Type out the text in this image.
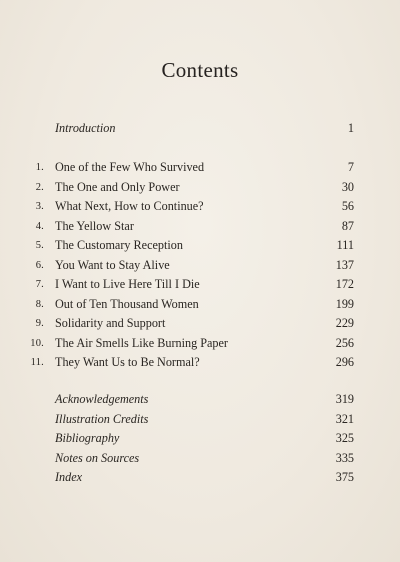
Contents
Introduction	1
1. One of the Few Who Survived	7
2. The One and Only Power	30
3. What Next, How to Continue?	56
4. The Yellow Star	87
5. The Customary Reception	111
6. You Want to Stay Alive	137
7. I Want to Live Here Till I Die	172
8. Out of Ten Thousand Women	199
9. Solidarity and Support	229
10. The Air Smells Like Burning Paper	256
11. They Want Us to Be Normal?	296
Acknowledgements	319
Illustration Credits	321
Bibliography	325
Notes on Sources	335
Index	375
